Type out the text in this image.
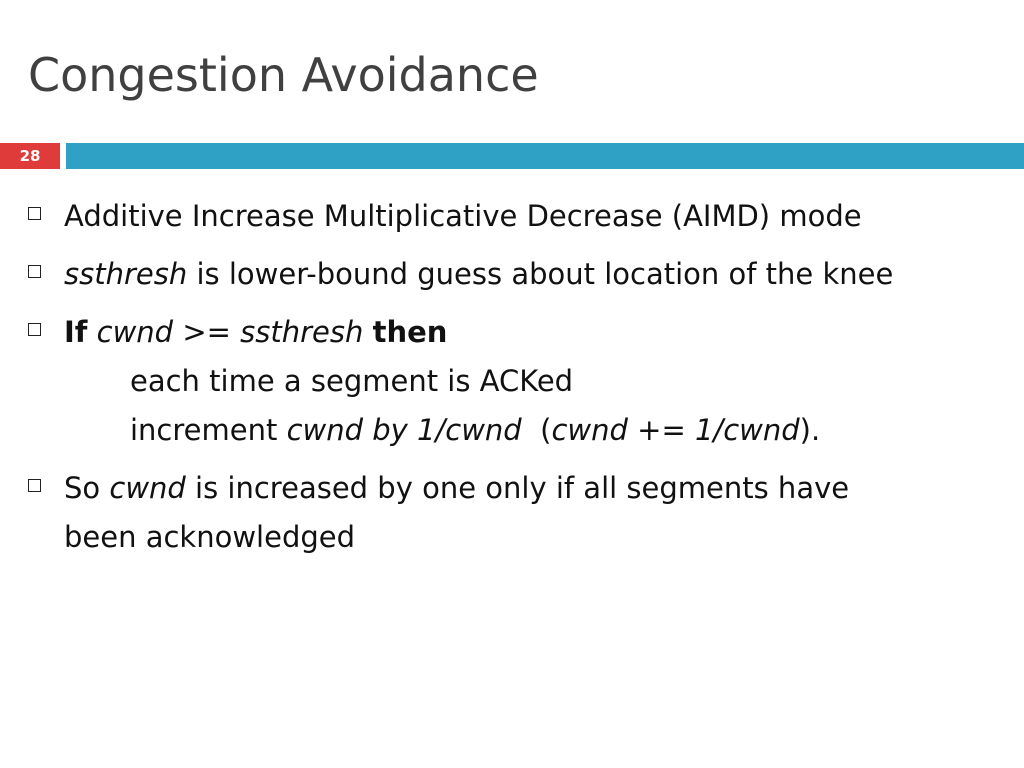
Congestion Avoidance
28
Additive Increase Multiplicative Decrease (AIMD) mode
ssthresh is lower-bound guess about location of the knee
If cwnd >= ssthresh then
each time a segment is ACKed
increment cwnd by 1/cwnd  (cwnd += 1/cwnd).
So cwnd is increased by one only if all segments have
been acknowledged
